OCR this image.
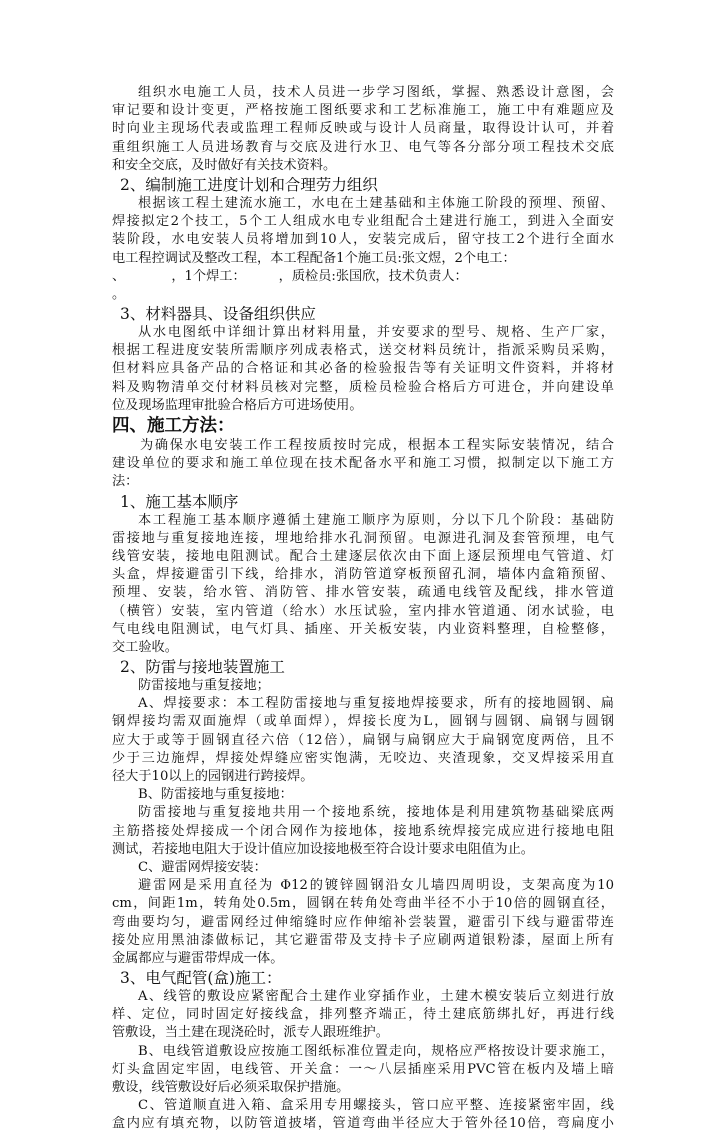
组织水电施工人员，技术人员进一步学习图纸，掌握、熟悉设计意图，会
审记要和设计变更，严格按施工图纸要求和工艺标准施工，施工中有难题应及
时向业主现场代表或监理工程师反映或与设计人员商量，取得设计认可，并着
重组织施工人员进场教育与交底及进行水卫、电气等各分部分项工程技术交底
和安全交底，及时做好有关技术资料。
2、编制施工进度计划和合理劳力组织
根据该工程土建流水施工，水电在土建基础和主体施工阶段的预埋、预留、
焊接拟定2个技工，5个工人组成水电专业组配合土建进行施工，到进入全面安
装阶段，水电安装人员将增加到10人，安装完成后，留守技工2个进行全面水
电工程控调试及整改工程，本工程配备1个施工员:张文煜，2个电工：
、　　　　，1个焊工：　　　，质检员:张国欣，技术负责人：
。
3、材料器具、设备组织供应
从水电图纸中详细计算出材料用量，并安要求的型号、规格、生产厂家，
根据工程进度安装所需顺序列成表格式，送交材料员统计，指派采购员采购，
但材料应具备产品的合格证和其必备的检验报告等有关证明文件资料，并将材
料及购物清单交付材料员核对完整，质检员检验合格后方可进仓，并向建设单
位及现场监理审批验合格后方可进场使用。
四、施工方法：
为确保水电安装工作工程按质按时完成，根据本工程实际安装情况，结合
建设单位的要求和施工单位现在技术配备水平和施工习惯，拟制定以下施工方
法：
1、施工基本顺序
本工程施工基本顺序遵循土建施工顺序为原则，分以下几个阶段：基础防
雷接地与重复接地连接，埋地给排水孔洞预留。电源进孔洞及套管预埋，电气
线管安装，接地电阻测试。配合土建逐层依次由下面上逐层预埋电气管道、灯
头盒，焊接避雷引下线，给排水，消防管道穿板预留孔洞，墙体内盒箱预留、
预埋、安装，给水管、消防管、排水管安装，疏通电线管及配线，排水管道
（横管）安装，室内管道（给水）水压试验，室内排水管道通、闭水试验，电
气电线电阻测试，电气灯具、插座、开关板安装，内业资料整理，自检整修，
交工验收。
2、防雷与接地装置施工
防雷接地与重复接地；
A、焊接要求：本工程防雷接地与重复接地焊接要求，所有的接地圆钢、扁
钢焊接均需双面施焊（或单面焊），焊接长度为L，圆钢与圆钢、扁钢与圆钢
应大于或等于圆钢直径六倍（12倍），扁钢与扁钢应大于扁钢宽度两倍，且不
少于三边施焊，焊接处焊缝应密实饱满，无咬边、夹渣现象，交叉焊接采用直
径大于10以上的园钢进行跨接焊。
B、防雷接地与重复接地：
防雷接地与重复接地共用一个接地系统，接地体是利用建筑物基础梁底两
主筋搭接处焊接成一个闭合网作为接地体，接地系统焊接完成应进行接地电阻
测试，若接地电阻大于设计值应加设接地极至符合设计要求电阻值为止。
C、避雷网焊接安装：
避雷网是采用直径为 Φ12的镀锌圆钢沿女儿墙四周明设，支架高度为10
cm，间距1m，转角处0.5m，圆钢在转角处弯曲半径不小于10倍的圆钢直径，
弯曲要均匀，避雷网经过伸缩缝时应作伸缩补尝装置，避雷引下线与避雷带连
接处应用黑油漆做标记，其它避雷带及支持卡子应刷两道银粉漆，屋面上所有
金属都应与避雷带焊成一体。
3、电气配管(盒)施工：
A、线管的敷设应紧密配合土建作业穿插作业，土建木模安装后立刻进行放
样、定位，同时固定好接线盒，排列整齐端正，待土建底筋绑扎好，再进行线
管敷设，当土建在现浇砼时，派专人跟班维护。
B、电线管道敷设应按施工图纸标准位置走向，规格应严格按设计要求施工，
灯头盒固定牢固，电线管、开关盒：一～八层插座采用PVC管在板内及墙上暗
敷设，线管敷设好后必须采取保护措施。
C、管道顺直进入箱、盒采用专用螺接头，管口应平整、连接紧密牢固，线
盒内应有填充物，以防管道披堵，管道弯曲半径应大于管外径10倍，弯扁度小
